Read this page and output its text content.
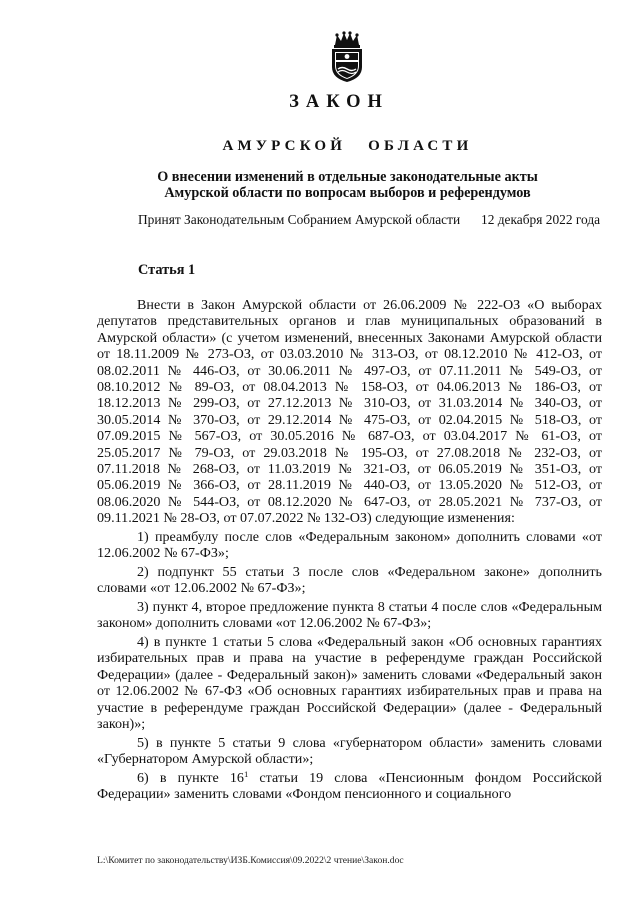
ЗАКОН
АМУРСКОЙ ОБЛАСТИ
О внесении изменений в отдельные законодательные акты
Амурской области по вопросам выборов и референдумов
Принят Законодательным Собранием Амурской области 12 декабря 2022 года
Статья 1

Внести в Закон Амурской области от 26.06.2009 № 222-ОЗ «О выборах депутатов представительных органов и глав муниципальных образований в Амурской области» (с учетом изменений, внесенных Законами Амурской области от 18.11.2009 № 273-ОЗ, от 03.03.2010 № 313-ОЗ, от 08.12.2010 № 412-ОЗ, от 08.02.2011 № 446-ОЗ, от 30.06.2011 № 497-ОЗ, от 07.11.2011 № 549-ОЗ, от 08.10.2012 № 89-ОЗ, от 08.04.2013 № 158-ОЗ, от 04.06.2013 № 186-ОЗ, от 18.12.2013 № 299-ОЗ, от 27.12.2013 № 310-ОЗ, от 31.03.2014 № 340-ОЗ, от 30.05.2014 № 370-ОЗ, от 29.12.2014 № 475-ОЗ, от 02.04.2015 № 518-ОЗ, от 07.09.2015 № 567-ОЗ, от 30.05.2016 № 687-ОЗ, от 03.04.2017 № 61-ОЗ, от 25.05.2017 № 79-ОЗ, от 29.03.2018 № 195-ОЗ, от 27.08.2018 № 232-ОЗ, от 07.11.2018 № 268-ОЗ, от 11.03.2019 № 321-ОЗ, от 06.05.2019 № 351-ОЗ, от 05.06.2019 № 366-ОЗ, от 28.11.2019 № 440-ОЗ, от 13.05.2020 № 512-ОЗ, от 08.06.2020 № 544-ОЗ, от 08.12.2020 № 647-ОЗ, от 28.05.2021 № 737-ОЗ, от 09.11.2021 № 28-ОЗ, от 07.07.2022 № 132-ОЗ) следующие изменения:

1) преамбулу после слов «Федеральным законом» дополнить словами «от 12.06.2002 № 67-ФЗ»;

2) подпункт 55 статьи 3 после слов «Федеральном законе» дополнить словами «от 12.06.2002 № 67-ФЗ»;

3) пункт 4, второе предложение пункта 8 статьи 4 после слов «Федеральным законом» дополнить словами «от 12.06.2002 № 67-ФЗ»;

4) в пункте 1 статьи 5 слова «Федеральный закон «Об основных гарантиях избирательных прав и права на участие в референдуме граждан Российской Федерации» (далее - Федеральный закон)» заменить словами «Федеральный закон от 12.06.2002 № 67-ФЗ «Об основных гарантиях избирательных прав и права на участие в референдуме граждан Российской Федерации» (далее - Федеральный закон)»;

5) в пункте 5 статьи 9 слова «губернатором области» заменить словами «Губернатором Амурской области»;

6) в пункте $16^1$ статьи 19 слова «Пенсионным фондом Российской Федерации» заменить словами «Фондом пенсионного и социального

L:\Комитет по законодательству\ИЗБ.Комиссия\09.2022\2 чтение\Закон.doc
